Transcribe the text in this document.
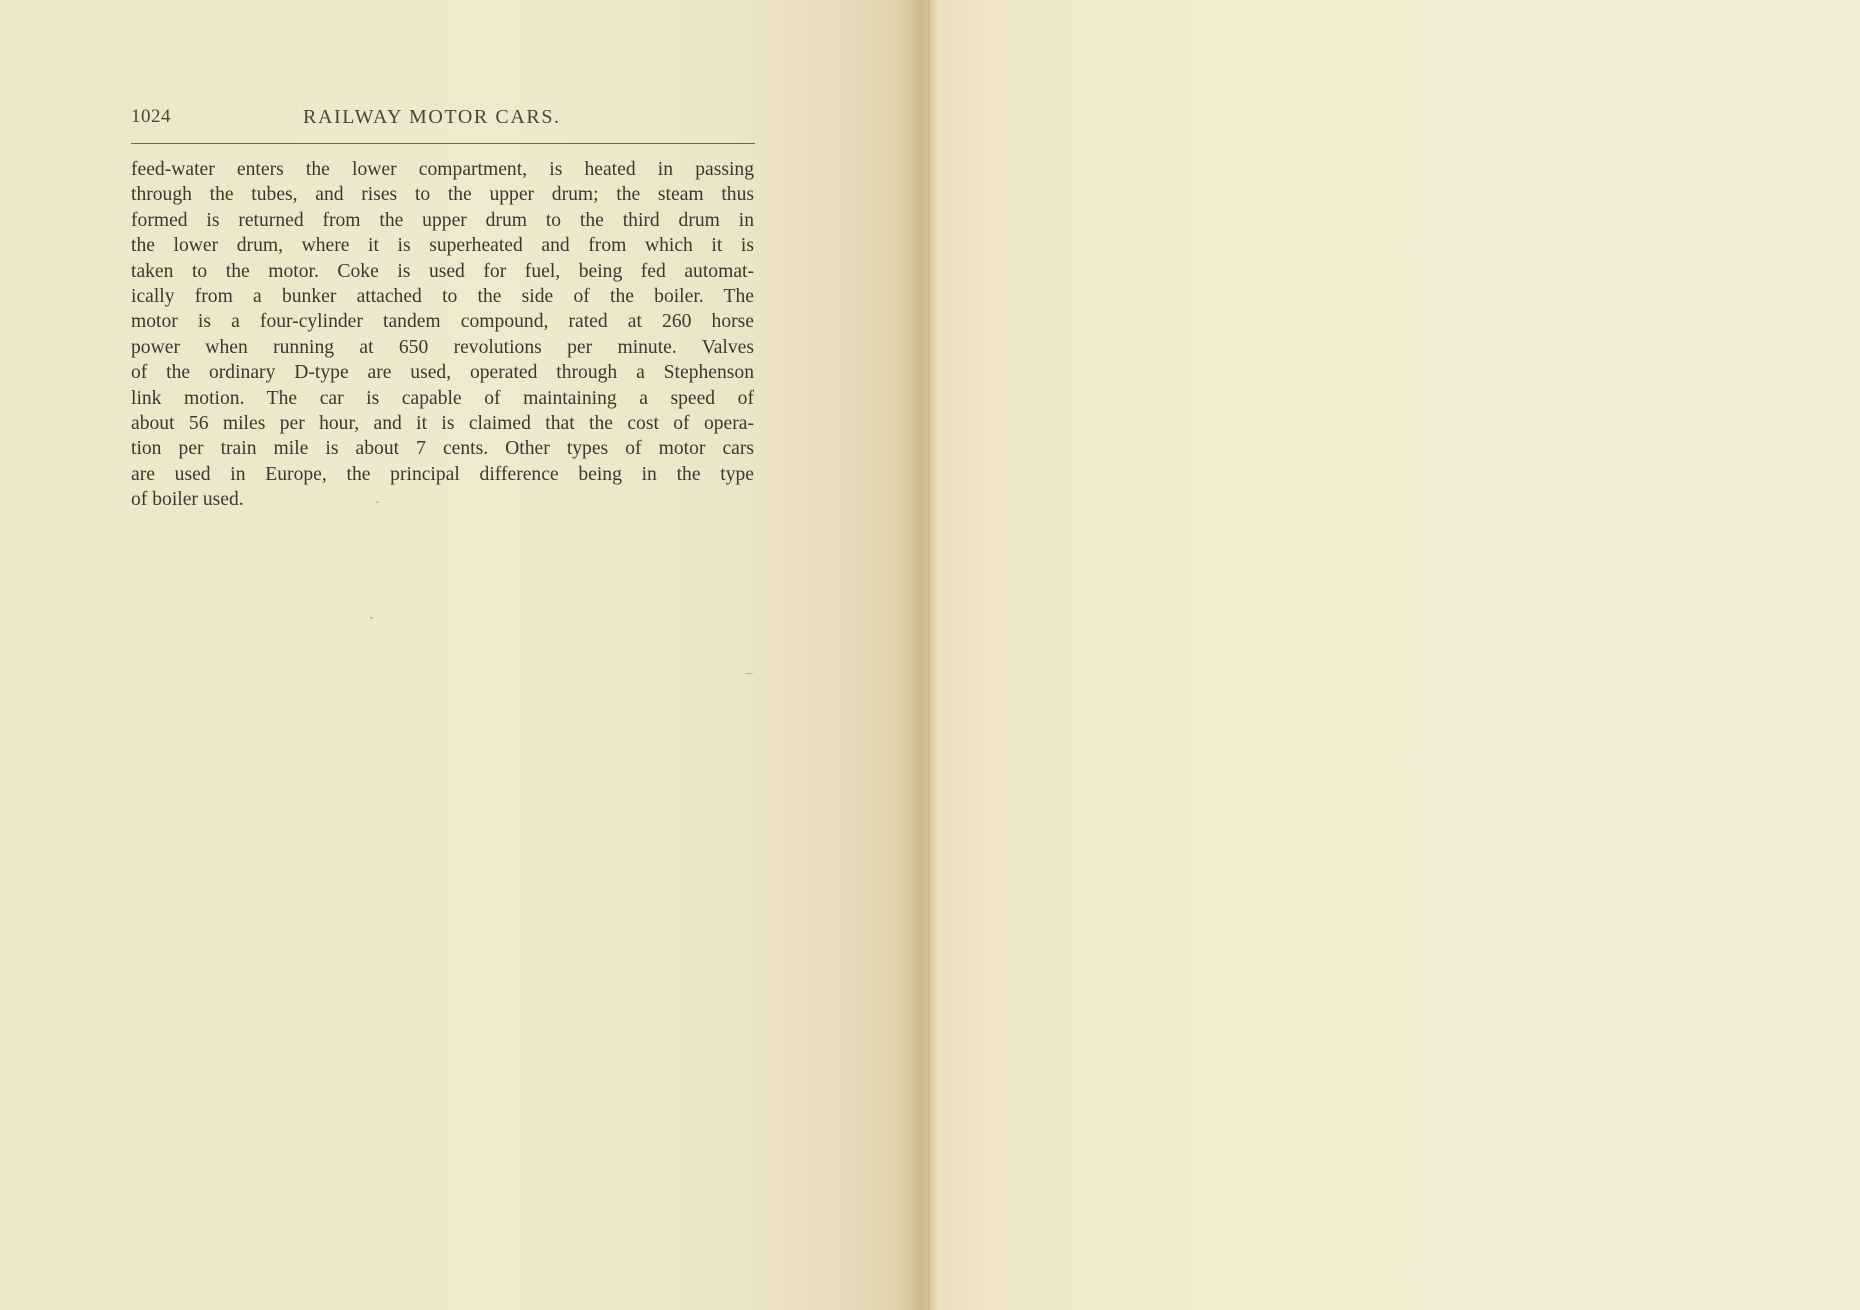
1024	RAILWAY MOTOR CARS.
feed-water enters the lower compartment, is heated in passing
through the tubes, and rises to the upper drum; the steam thus
formed is returned from the upper drum to the third drum in
the lower drum, where it is superheated and from which it is
taken to the motor. Coke is used for fuel, being fed automat-
ically from a bunker attached to the side of the boiler. The
motor is a four-cylinder tandem compound, rated at 260 horse
power when running at 650 revolutions per minute. Valves
of the ordinary D-type are used, operated through a Stephenson
link motion. The car is capable of maintaining a speed of
about 56 miles per hour, and it is claimed that the cost of opera-
tion per train mile is about 7 cents. Other types of motor cars
are used in Europe, the principal difference being in the type
of boiler used.
